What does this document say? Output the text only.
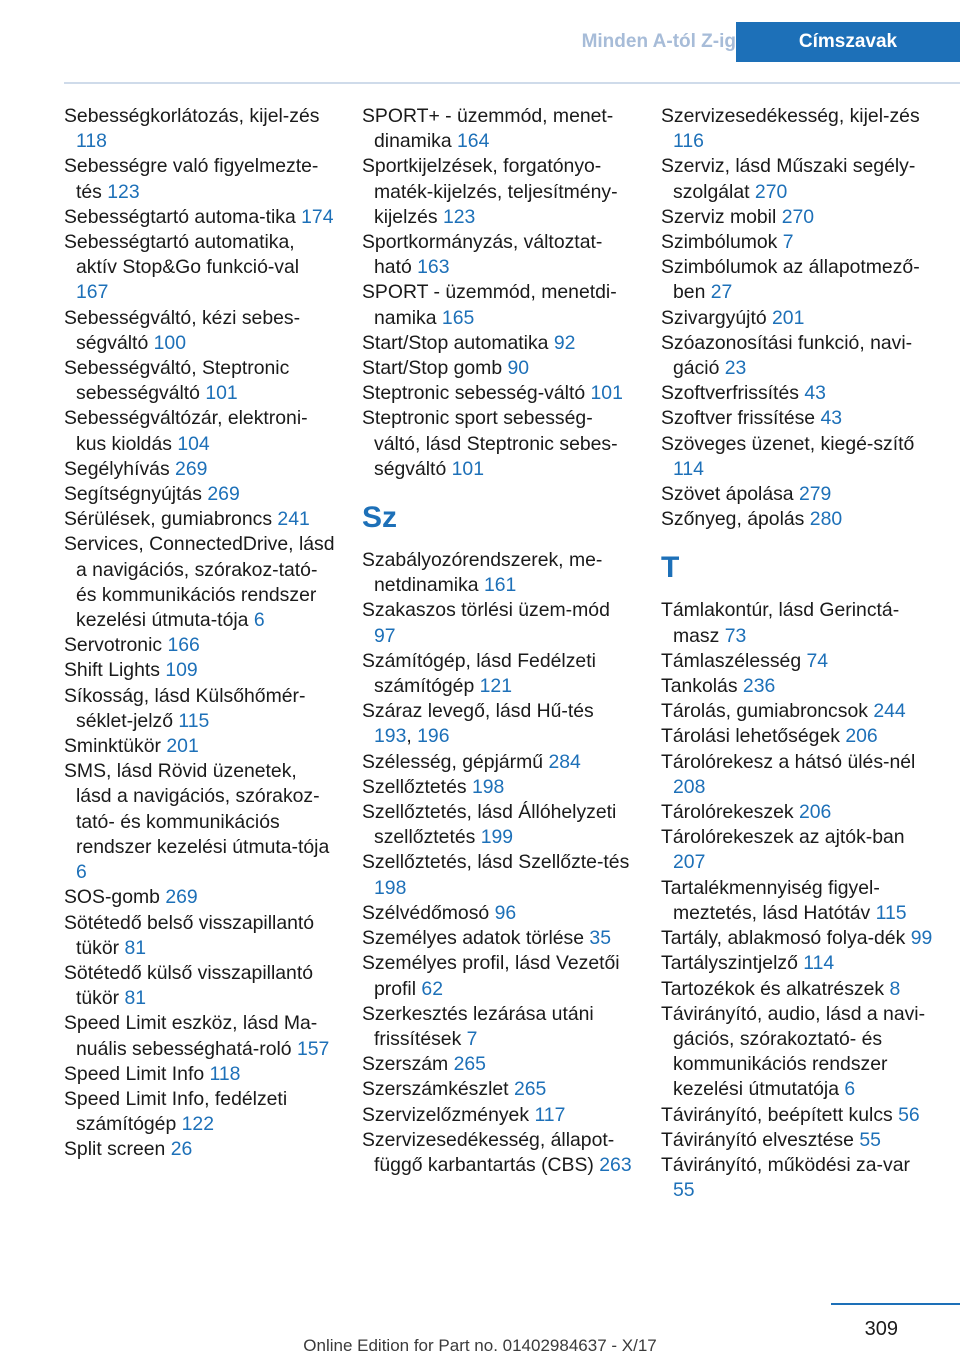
Minden A-tól Z-ig	Címszavak

Sebességkorlátozás, kijel-zés 118

Sebességre való figyelmezte-tés 123

Sebességtartó automa-tika 174

Sebességtartó automatika, aktív Stop&Go funkció-val 167

Sebességváltó, kézi sebes-ségváltó 100

Sebességváltó, Steptronic sebességváltó 101

Sebességváltózár, elektroni-kus kioldás 104

Segélyhívás 269

Segítségnyújtás 269

Sérülések, gumiabroncs 241

Services, ConnectedDrive, lásd a navigációs, szórakoz-tató- és kommunikációs rendszer kezelési útmuta-tója 6

Servotronic 166

Shift Lights 109

Síkosság, lásd Külsőhőmér-séklet-jelző 115

Sminktükör 201

SMS, lásd Rövid üzenetek, lásd a navigációs, szórakoz-tató- és kommunikációs rendszer kezelési útmuta-tója 6

SOS-gomb 269

Sötétedő belső visszapillantó tükör 81

Sötétedő külső visszapillantó tükör 81

Speed Limit eszköz, lásd Ma-nuális sebességhatá-roló 157

Speed Limit Info 118

Speed Limit Info, fedélzeti számítógép 122

Split screen 26

SPORT+ - üzemmód, menet-dinamika 164

Sportkijelzések, forgatónyo-maték-kijelzés, teljesítmény-kijelzés 123

Sportkormányzás, változtat-ható 163

SPORT - üzemmód, menetdi-namika 165

Start/Stop automatika 92

Start/Stop gomb 90

Steptronic sebesség-váltó 101

Steptronic sport sebesség-váltó, lásd Steptronic sebes-ségváltó 101

Sz

Szabályozórendszerek, me-netdinamika 161

Szakaszos törlési üzem-mód 97

Számítógép, lásd Fedélzeti számítógép 121

Száraz levegő, lásd Hű-tés 193, 196

Szélesség, gépjármű 284

Szellőztetés 198

Szellőztetés, lásd Állóhelyzeti szellőztetés 199

Szellőztetés, lásd Szellőzte-tés 198

Szélvédőmosó 96

Személyes adatok törlése 35

Személyes profil, lásd Vezetői profil 62

Szerkesztés lezárása utáni frissítések 7

Szerszám 265

Szerszámkészlet 265

Szervizelőzmények 117

Szervizesedékesség, állapot-függő karbantartás (CBS) 263

Szervizesedékesség, kijel-zés 116

Szerviz, lásd Műszaki segély-szolgálat 270

Szerviz mobil 270

Szimbólumok 7

Szimbólumok az állapotmező-ben 27

Szivargyújtó 201

Szóazonosítási funkció, navi-gáció 23

Szoftverfrissítés 43

Szoftver frissítése 43

Szöveges üzenet, kiegé-szítő 114

Szövet ápolása 279

Szőnyeg, ápolás 280

T

Támlakontúr, lásd Gerinctá-masz 73

Támlaszélesség 74

Tankolás 236

Tárolás, gumiabroncsok 244

Tárolási lehetőségek 206

Tárolórekesz a hátsó ülés-nél 208

Tárolórekeszek 206

Tárolórekeszek az ajtók-ban 207

Tartalékmennyiség figyel-meztetés, lásd Hatótáv 115

Tartály, ablakmosó folya-dék 99

Tartályszintjelző 114

Tartozékok és alkatrészek 8

Távirányító, audio, lásd a navi-gációs, szórakoztató- és kommunikációs rendszer kezelési útmutatója 6

Távirányító, beépített kulcs 56

Távirányító elvesztése 55

Távirányító, működési za-var 55

309
Online Edition for Part no. 01402984637 - X/17
